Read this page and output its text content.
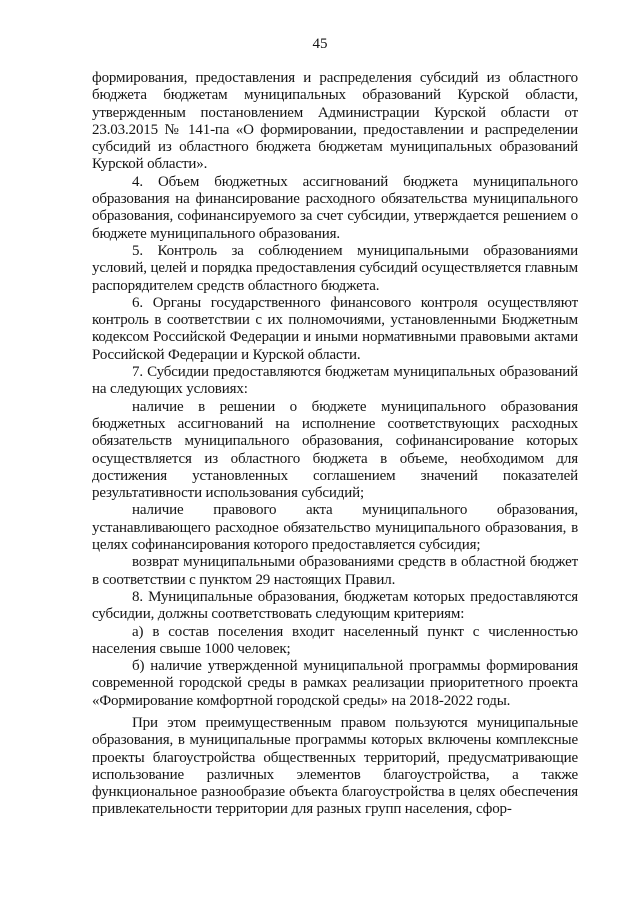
45

формирования, предоставления и распределения субсидий из областного бюджета бюджетам муниципальных образований Курской области, утвержденным постановлением Администрации Курской области от 23.03.2015 № 141-па «О формировании, предоставлении и распределении субсидий из областного бюджета бюджетам муниципальных образований Курской области».

4. Объем бюджетных ассигнований бюджета муниципального образования на финансирование расходного обязательства муниципального образования, софинансируемого за счет субсидии, утверждается решением о бюджете муниципального образования.

5. Контроль за соблюдением муниципальными образованиями условий, целей и порядка предоставления субсидий осуществляется главным распорядителем средств областного бюджета.

6. Органы государственного финансового контроля осуществляют контроль в соответствии с их полномочиями, установленными Бюджетным кодексом Российской Федерации и иными нормативными правовыми актами Российской Федерации и Курской области.

7. Субсидии предоставляются бюджетам муниципальных образований на следующих условиях:

наличие в решении о бюджете муниципального образования бюджетных ассигнований на исполнение соответствующих расходных обязательств муниципального образования, софинансирование которых осуществляется из областного бюджета в объеме, необходимом для достижения установленных соглашением значений показателей результативности использования субсидий;

наличие правового акта муниципального образования, устанавливающего расходное обязательство муниципального образования, в целях софинансирования которого предоставляется субсидия;

возврат муниципальными образованиями средств в областной бюджет в соответствии с пунктом 29 настоящих Правил.

8. Муниципальные образования, бюджетам которых предоставляются субсидии, должны соответствовать следующим критериям:

а) в состав поселения входит населенный пункт с численностью населения свыше 1000 человек;

б) наличие утвержденной муниципальной программы формирования современной городской среды в рамках реализации приоритетного проекта «Формирование комфортной городской среды» на 2018-2022 годы.

При этом преимущественным правом пользуются муниципальные образования, в муниципальные программы которых включены комплексные проекты благоустройства общественных территорий, предусматривающие использование различных элементов благоустройства, а также функциональное разнообразие объекта благоустройства в целях обеспечения привлекательности территории для разных групп населения, сфор-
